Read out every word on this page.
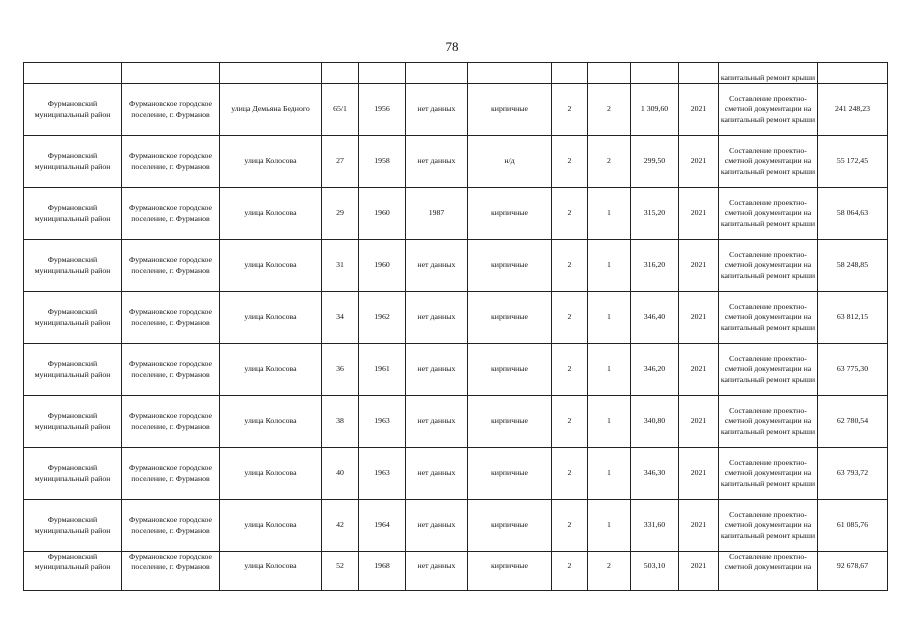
78
											капитальный ремонт крыши	
Фурмановский муниципальный район	Фурмановское городское поселение, г. Фурманов	улица Демьяна Бедного	65/1	1956	нет данных	кирпичные	2	2	1 309,60	2021	Составление проектно-сметной документации на капитальный ремонт крыши	241 248,23
Фурмановский муниципальный район	Фурмановское городское поселение, г. Фурманов	улица Колосова	27	1958	нет данных	н/д	2	2	299,50	2021	Составление проектно-сметной документации на капитальный ремонт крыши	55 172,45
Фурмановский муниципальный район	Фурмановское городское поселение, г. Фурманов	улица Колосова	29	1960	1987	кирпичные	2	1	315,20	2021	Составление проектно-сметной документации на капитальный ремонт крыши	58 064,63
Фурмановский муниципальный район	Фурмановское городское поселение, г. Фурманов	улица Колосова	31	1960	нет данных	кирпичные	2	1	316,20	2021	Составление проектно-сметной документации на капитальный ремонт крыши	58 248,85
Фурмановский муниципальный район	Фурмановское городское поселение, г. Фурманов	улица Колосова	34	1962	нет данных	кирпичные	2	1	346,40	2021	Составление проектно-сметной документации на капитальный ремонт крыши	63 812,15
Фурмановский муниципальный район	Фурмановское городское поселение, г. Фурманов	улица Колосова	36	1961	нет данных	кирпичные	2	1	346,20	2021	Составление проектно-сметной документации на капитальный ремонт крыши	63 775,30
Фурмановский муниципальный район	Фурмановское городское поселение, г. Фурманов	улица Колосова	38	1963	нет данных	кирпичные	2	1	340,80	2021	Составление проектно-сметной документации на капитальный ремонт крыши	62 780,54
Фурмановский муниципальный район	Фурмановское городское поселение, г. Фурманов	улица Колосова	40	1963	нет данных	кирпичные	2	1	346,30	2021	Составление проектно-сметной документации на капитальный ремонт крыши	63 793,72
Фурмановский муниципальный район	Фурмановское городское поселение, г. Фурманов	улица Колосова	42	1964	нет данных	кирпичные	2	1	331,60	2021	Составление проектно-сметной документации на капитальный ремонт крыши	61 085,76
Фурмановский муниципальный район	Фурмановское городское поселение, г. Фурманов	улица Колосова	52	1968	нет данных	кирпичные	2	2	503,10	2021	Составление проектно-сметной документации на	92 678,67
